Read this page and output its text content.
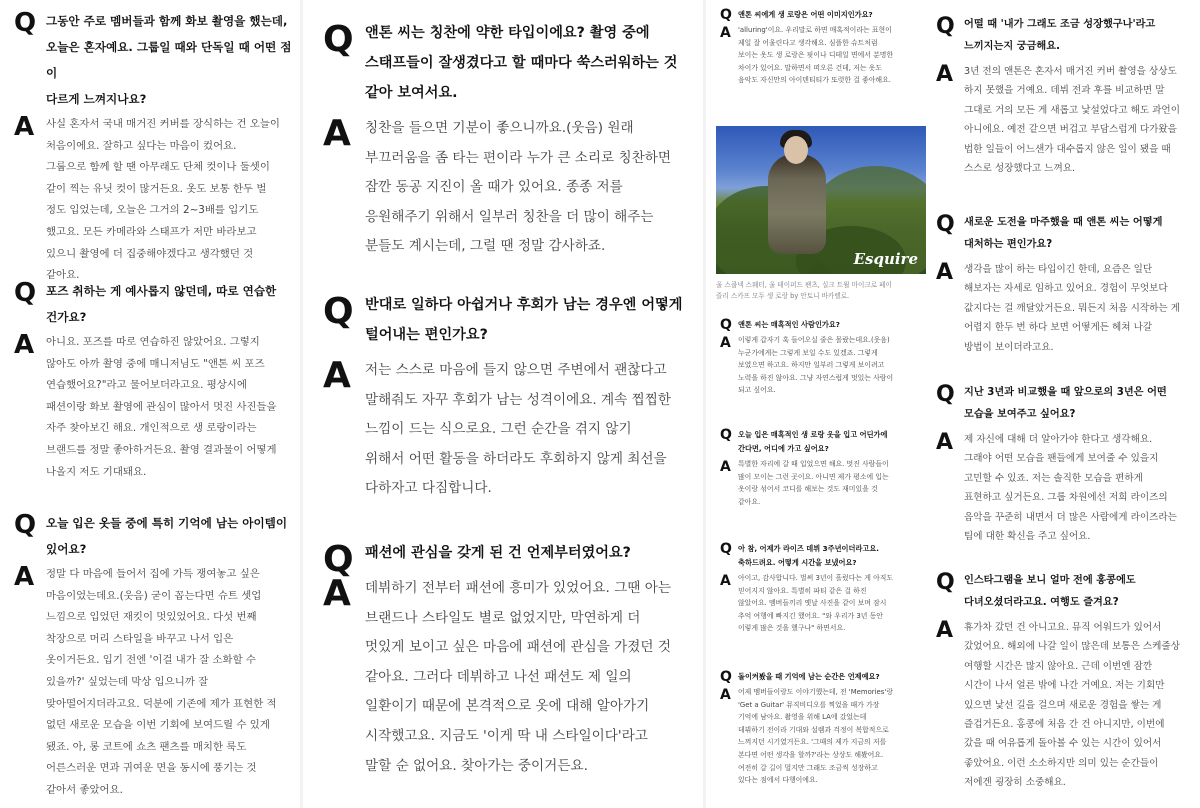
Q 그동안 주로 멤버들과 함께 화보 촬영을 했는데,
오늘은 혼자예요. 그룹일 때와 단독일 때 어떤 점이
다르게 느껴지나요?
A 사실 혼자서 국내 매거진 커버를 장식하는 건 오늘이
처음이에요. 잘하고 싶다는 마음이 컸어요.
그룹으로 함께 할 땐 아무래도 단체 컷이나 둘셋이
같이 찍는 유닛 컷이 많거든요. 옷도 보통 한두 벌
정도 입었는데, 오늘은 그거의 2~3배를 입기도
했고요. 모든 카메라와 스태프가 저만 바라보고
있으니 촬영에 더 집중해야겠다고 생각했던 것
같아요.
Q 포즈 취하는 게 예사롭지 않던데, 따로 연습한
건가요?
A 아니요. 포즈를 따로 연습하진 않았어요. 그렇지
않아도 아까 촬영 중에 매니저님도 "앤톤 씨 포즈
연습했어요?"라고 물어보더라고요. 평상시에
패션이랑 화보 촬영에 관심이 많아서 멋진 사진들을
자주 찾아보긴 해요. 개인적으로 생 로랑이라는
브랜드를 정말 좋아하거든요. 촬영 결과물이 어떻게
나올지 저도 기대돼요.
Q 오늘 입은 옷들 중에 특히 기억에 남는 아이템이
있어요?
A 정말 다 마음에 들어서 집에 가득 쟁여놓고 싶은
마음이었는데요.(웃음) 굳이 꼽는다면 슈트 셋업
느낌으로 입었던 재킷이 멋있었어요. 다섯 번째
착장으로 머리 스타일을 바꾸고 나서 입은
옷이거든요. 입기 전엔 '이걸 내가 잘 소화할 수
있을까?' 싶었는데 막상 입으니까 잘
맞아떨어지더라고요. 덕분에 기존에 제가 표현한 적
없던 새로운 모습을 이번 기회에 보여드릴 수 있게
됐죠. 아, 롱 코트에 쇼츠 팬츠를 매치한 룩도
어른스러운 면과 귀여운 면을 동시에 풍기는 것
같아서 좋았어요.
Q 앤톤 씨는 칭찬에 약한 타입이에요? 촬영 중에
스태프들이 잘생겼다고 할 때마다 쑥스러워하는 것
같아 보여서요.
A 칭찬을 들으면 기분이 좋으니까요.(웃음) 원래
부끄러움을 좀 타는 편이라 누가 큰 소리로 칭찬하면
잠깐 동공 지진이 올 때가 있어요. 종종 저를
응원해주기 위해서 일부러 칭찬을 더 많이 해주는
분들도 계시는데, 그럴 땐 정말 감사하죠.
Q 반대로 일하다 아쉽거나 후회가 남는 경우엔 어떻게
털어내는 편인가요?
A 저는 스스로 마음에 들지 않으면 주변에서 괜찮다고
말해줘도 자꾸 후회가 남는 성격이에요. 계속 찝찝한
느낌이 드는 식으로요. 그런 순간을 겪지 않기
위해서 어떤 활동을 하더라도 후회하지 않게 최선을
다하자고 다짐합니다.
Q 패션에 관심을 갖게 된 건 언제부터였어요?
A 데뷔하기 전부터 패션에 흥미가 있었어요. 그땐 아는
브랜드나 스타일도 별로 없었지만, 막연하게 더
멋있게 보이고 싶은 마음에 패션에 관심을 가졌던 것
같아요. 그러다 데뷔하고 나선 패션도 제 일의
일환이기 때문에 본격적으로 옷에 대해 알아가기
시작했고요. 지금도 '이게 딱 내 스타일이다'라고
말할 순 없어요. 찾아가는 중이거든요.
Q 앤톤 씨에게 생 로랑은 어떤 이미지인가요?
A 'alluring'이요. 우리말로 하면 매혹적이라는 표현이
제일 잘 어울린다고 생각해요. 심플한 슈트처럼
보이는 옷도 생 로랑은 핏이나 디테일 면에서 분명한
차이가 있어요. 말하면서 떠오른 건데, 저는 옷도
음악도 자신만의 아이덴티티가 또렷한 걸 좋아해요.
Esquire
울 스쿱넥 스웨터, 울 테이퍼드 팬츠, 실크 트윌 마이크로 페이
즐리 스카프 모두 생 로랑 by 안토니 바카렐로.
Q 앤톤 씨는 매혹적인 사람인가요?
A 이렇게 갑자기 훅 들어오실 줄은 몰랐는데요.(웃음)
누군가에게는 그렇게 보일 수도 있겠죠. 그렇게
보였으면 하고요. 하지만 일부러 그렇게 보이려고
노력을 하진 않아요. 그냥 자연스럽게 멋있는 사람이
되고 싶어요.
Q 오늘 입은 매혹적인 생 로랑 옷을 입고 어딘가에
간다면, 어디에 가고 싶어요?
A 특별한 자리에 갈 때 입었으면 해요. 멋진 사람들이
많이 모이는 그런 곳이요. 아니면 제가 평소에 입는
옷이랑 섞어서 코디를 해보는 것도 재미있을 것
같아요.
Q 아 참, 어제가 라이즈 데뷔 3주년이더라고요.
축하드려요. 어떻게 시간을 보냈어요?
A 아이고, 감사합니다. 벌써 3년이 흘렀다는 게 아직도
믿어지지 않아요. 특별히 파티 같은 걸 하진
않았어요. 멤버들끼리 옛날 사진을 같이 보며 잠시
추억 여행에 빠지긴 했어요. "와 우리가 3년 동안
이렇게 많은 것을 했구나" 하면서요.
Q 돌이켜봤을 때 기억에 남는 순간은 언제예요?
A 어제 멤버들이랑도 이야기했는데, 전 'Memories'랑
'Get a Guitar' 뮤직비디오를 찍었을 때가 가장
기억에 남아요. 촬영을 위해 LA에 갔었는데
데뷔하기 전이라 기대와 설렘과 걱정이 복합적으로
느껴지던 시기였거든요. '그때의 제가 지금의 저를
본다면 어떤 생각을 할까?'라는 상상도 해봤어요.
여전히 갈 길이 멀지만 그래도 조금씩 성장하고
있다는 점에서 다행이에요.
Q 어떨 때 '내가 그래도 조금 성장했구나'라고
느끼지는지 궁금해요.
A 3년 전의 앤톤은 혼자서 매거진 커버 촬영을 상상도
하지 못했을 거예요. 데뷔 전과 후를 비교하면 말
그대로 거의 모든 게 새롭고 낯설었다고 해도 과언이
아니에요. 예전 같으면 버겁고 부담스럽게 다가왔을
법한 일들이 어느샌가 대수롭지 않은 일이 됐을 때
스스로 성장했다고 느껴요.
Q 새로운 도전을 마주했을 때 앤톤 씨는 어떻게
대처하는 편인가요?
A 생각을 많이 하는 타입이긴 한데, 요즘은 일단
해보자는 자세로 임하고 있어요. 경험이 무엇보다
값지다는 걸 깨달았거든요. 뭐든지 처음 시작하는 게
어렵지 한두 번 하다 보면 어떻게든 헤쳐 나갈
방법이 보이더라고요.
Q 지난 3년과 비교했을 때 앞으로의 3년은 어떤
모습을 보여주고 싶어요?
A 제 자신에 대해 더 알아가야 한다고 생각해요.
그래야 어떤 모습을 팬들에게 보여줄 수 있을지
고민할 수 있죠. 저는 솔직한 모습을 편하게
표현하고 싶거든요. 그룹 차원에선 저희 라이즈의
음악을 꾸준히 내면서 더 많은 사람에게 라이즈라는
팀에 대한 확신을 주고 싶어요.
Q 인스타그램을 보니 얼마 전에 홍콩에도
다녀오셨더라고요. 여행도 즐겨요?
A 휴가차 갔던 건 아니고요. 뮤직 어워드가 있어서
갔었어요. 해외에 나갈 일이 많은데 보통은 스케줄상
여행할 시간은 많지 않아요. 근데 이번엔 잠깐
시간이 나서 얼른 밖에 나간 거예요. 저는 기회만
있으면 낯선 길을 걸으며 새로운 경험을 쌓는 게
즐겁거든요. 홍콩에 처음 간 건 아니지만, 이번에
갔을 때 여유롭게 돌아볼 수 있는 시간이 있어서
좋았어요. 이런 소소하지만 의미 있는 순간들이
저에겐 굉장히 소중해요.
